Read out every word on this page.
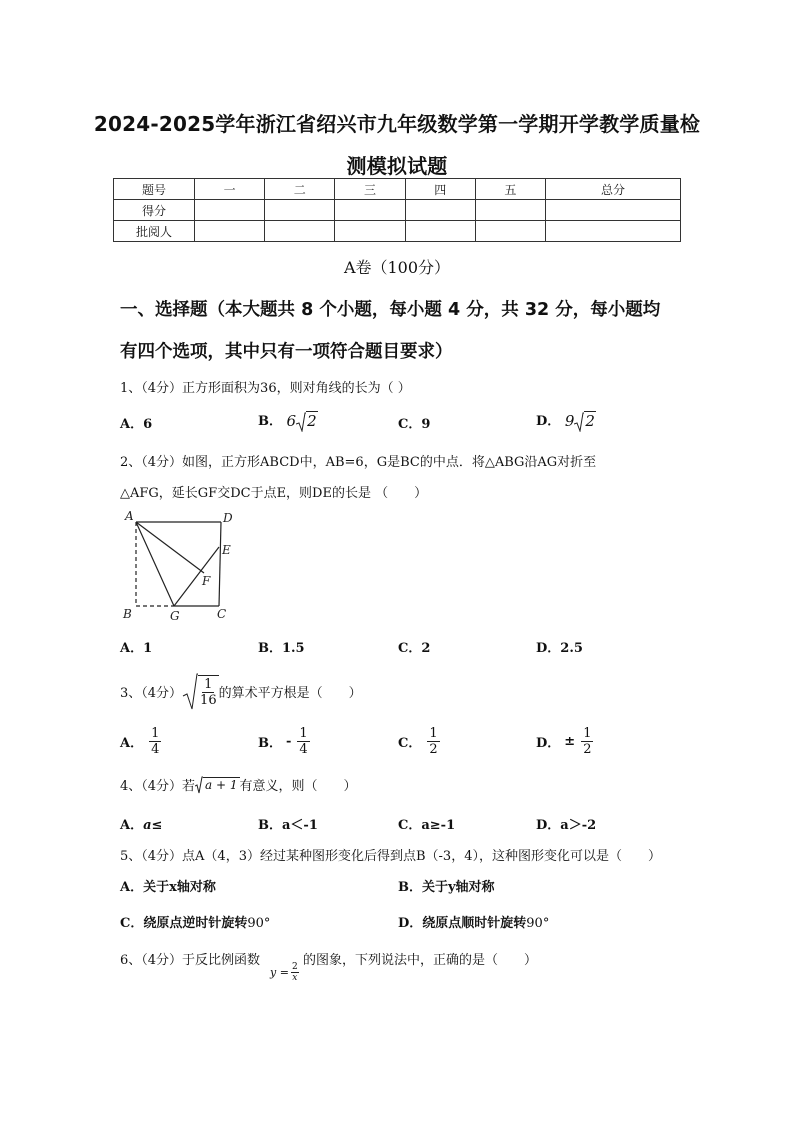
2024-2025学年浙江省绍兴市九年级数学第一学期开学教学质量检
测模拟试题
题号	一	二	三	四	五	总分
得分						
批阅人						
A卷（100分）
一、选择题（本大题共 8 个小题，每小题 4 分，共 32 分，每小题均
有四个选项，其中只有一项符合题目要求）
1、（4分）正方形面积为36，则对角线的长为（ ）
A．6	B． 6 2	C．9	D． 9 2
2、（4分）如图，正方形ABCD中，AB=6，G是BC的中点．将△ABG沿AG对折至
△AFG，延长GF交DC于点E，则DE的长是 （　　）
A	D
E
F
B	G	C
A．1	B．1.5	C．2	D．2.5
3、（4分） $\frac{1}{16}$ 的算术平方根是（　　）
A． $\frac{1}{4}$	B． - $\frac{1}{4}$	C． $\frac{1}{2}$	D． ± $\frac{1}{2}$
4、（4分）若 a + 1 有意义，则（　　）
A．a≤	B．a＜-1	C．a≥-1	D．a＞-2
5、（4分）点A（4，3）经过某种图形变化后得到点B（-3，4），这种图形变化可以是（　　）
A．关于x轴对称	B．关于y轴对称
C．绕原点逆时针旋转90°	D．绕原点顺时针旋转90°
6、（4分）于反比例函数	的图象，下列说法中，正确的是（　　）
$y = \frac{2}{x}$
